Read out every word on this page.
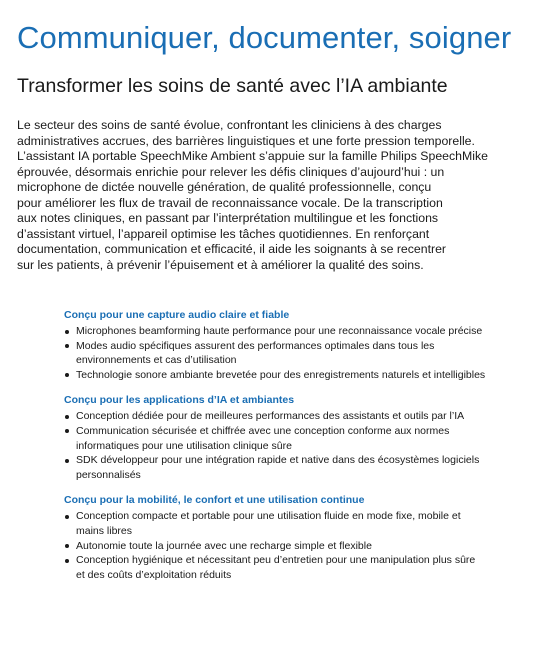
Communiquer, documenter, soigner
Transformer les soins de santé avec l’IA ambiante

Le secteur des soins de santé évolue, confrontant les cliniciens à des charges
administratives accrues, des barrières linguistiques et une forte pression temporelle.
L’assistant IA portable SpeechMike Ambient s’appuie sur la famille Philips SpeechMike
éprouvée, désormais enrichie pour relever les défis cliniques d’aujourd’hui : un
microphone de dictée nouvelle génération, de qualité professionnelle, conçu
pour améliorer les flux de travail de reconnaissance vocale. De la transcription
aux notes cliniques, en passant par l’interprétation multilingue et les fonctions
d’assistant virtuel, l’appareil optimise les tâches quotidiennes. En renforçant
documentation, communication et efficacité, il aide les soignants à se recentrer
sur les patients, à prévenir l’épuisement et à améliorer la qualité des soins.

Conçu pour une capture audio claire et fiable
Microphones beamforming haute performance pour une reconnaissance vocale précise
Modes audio spécifiques assurent des performances optimales dans tous les
environnements et cas d’utilisation
Technologie sonore ambiante brevetée pour des enregistrements naturels et intelligibles
Conçu pour les applications d’IA et ambiantes
Conception dédiée pour de meilleures performances des assistants et outils par l’IA
Communication sécurisée et chiffrée avec une conception conforme aux normes
informatiques pour une utilisation clinique sûre
SDK développeur pour une intégration rapide et native dans des écosystèmes logiciels
personnalisés
Conçu pour la mobilité, le confort et une utilisation continue
Conception compacte et portable pour une utilisation fluide en mode fixe, mobile et
mains libres
Autonomie toute la journée avec une recharge simple et flexible
Conception hygiénique et nécessitant peu d’entretien pour une manipulation plus sûre
et des coûts d’exploitation réduits
